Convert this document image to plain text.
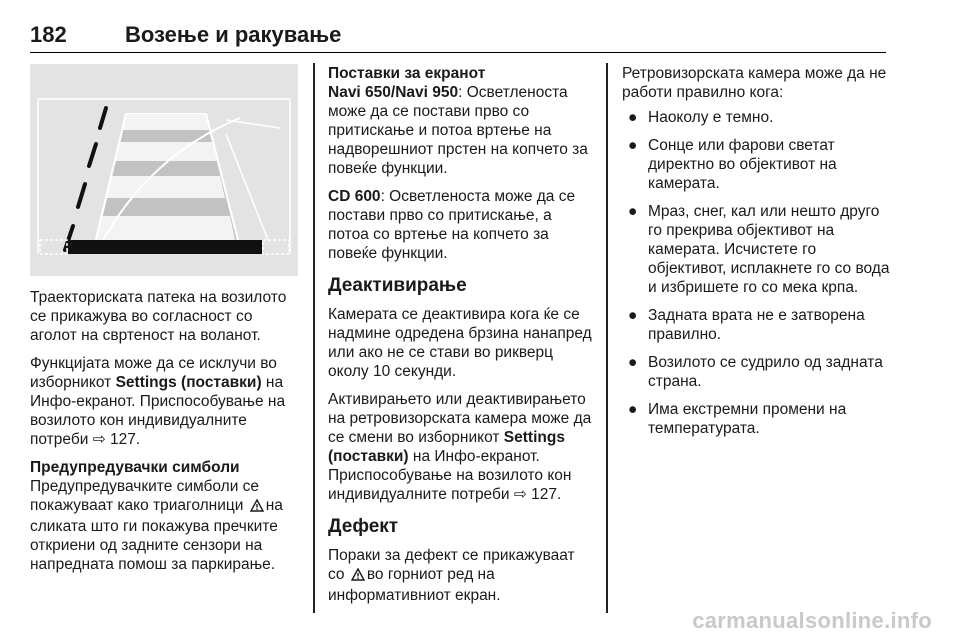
182	Возење и ракување

Траекториската патека на возилото се прикажува во согласност со аголот на свртеност на воланот.

Функцијата може да се исклучи во изборникот Settings (поставки) на Инфо-екранот. Приспособување на возилото кон индивидуалните потреби ⇨ 127.

Предупредувачки симболи

Предупредувачките симболи се покажуваат како триаголници на сликата што ги покажува пречките откриени од задните сензори на напредната помош за паркирање.

Поставки за екранот

Navi 650/Navi 950: Осветленоста може да се постави прво со притискање и потоа вртење на надворешниот прстен на копчето за повеќе функции.

CD 600: Осветленоста може да се постави прво со притискање, а потоа со вртење на копчето за повеќе функции.

Деактивирање

Камерата се деактивира кога ќе се надмине одредена брзина нанапред или ако не се стави во рикверц околу 10 секунди.

Активирањето или деактивирањето на ретровизорската камера може да се смени во изборникот Settings (поставки) на Инфо-екранот. Приспособување на возилото кон индивидуалните потреби ⇨ 127.

Дефект

Пораки за дефект се прикажуваат со во горниот ред на информативниот екран.

Ретровизорската камера може да не работи правилно кога:

● Наоколу е темно.
● Сонце или фарови светат директно во објективот на камерата.
● Мраз, снег, кал или нешто друго го прекрива објективот на камерата. Исчистете го објективот, исплакнете го со вода и избришете го со мека крпа.
● Задната врата не е затворена правилно.
● Возилото се судрило од задната страна.
● Има екстремни промени на температурата.
carmanualsonline.info
